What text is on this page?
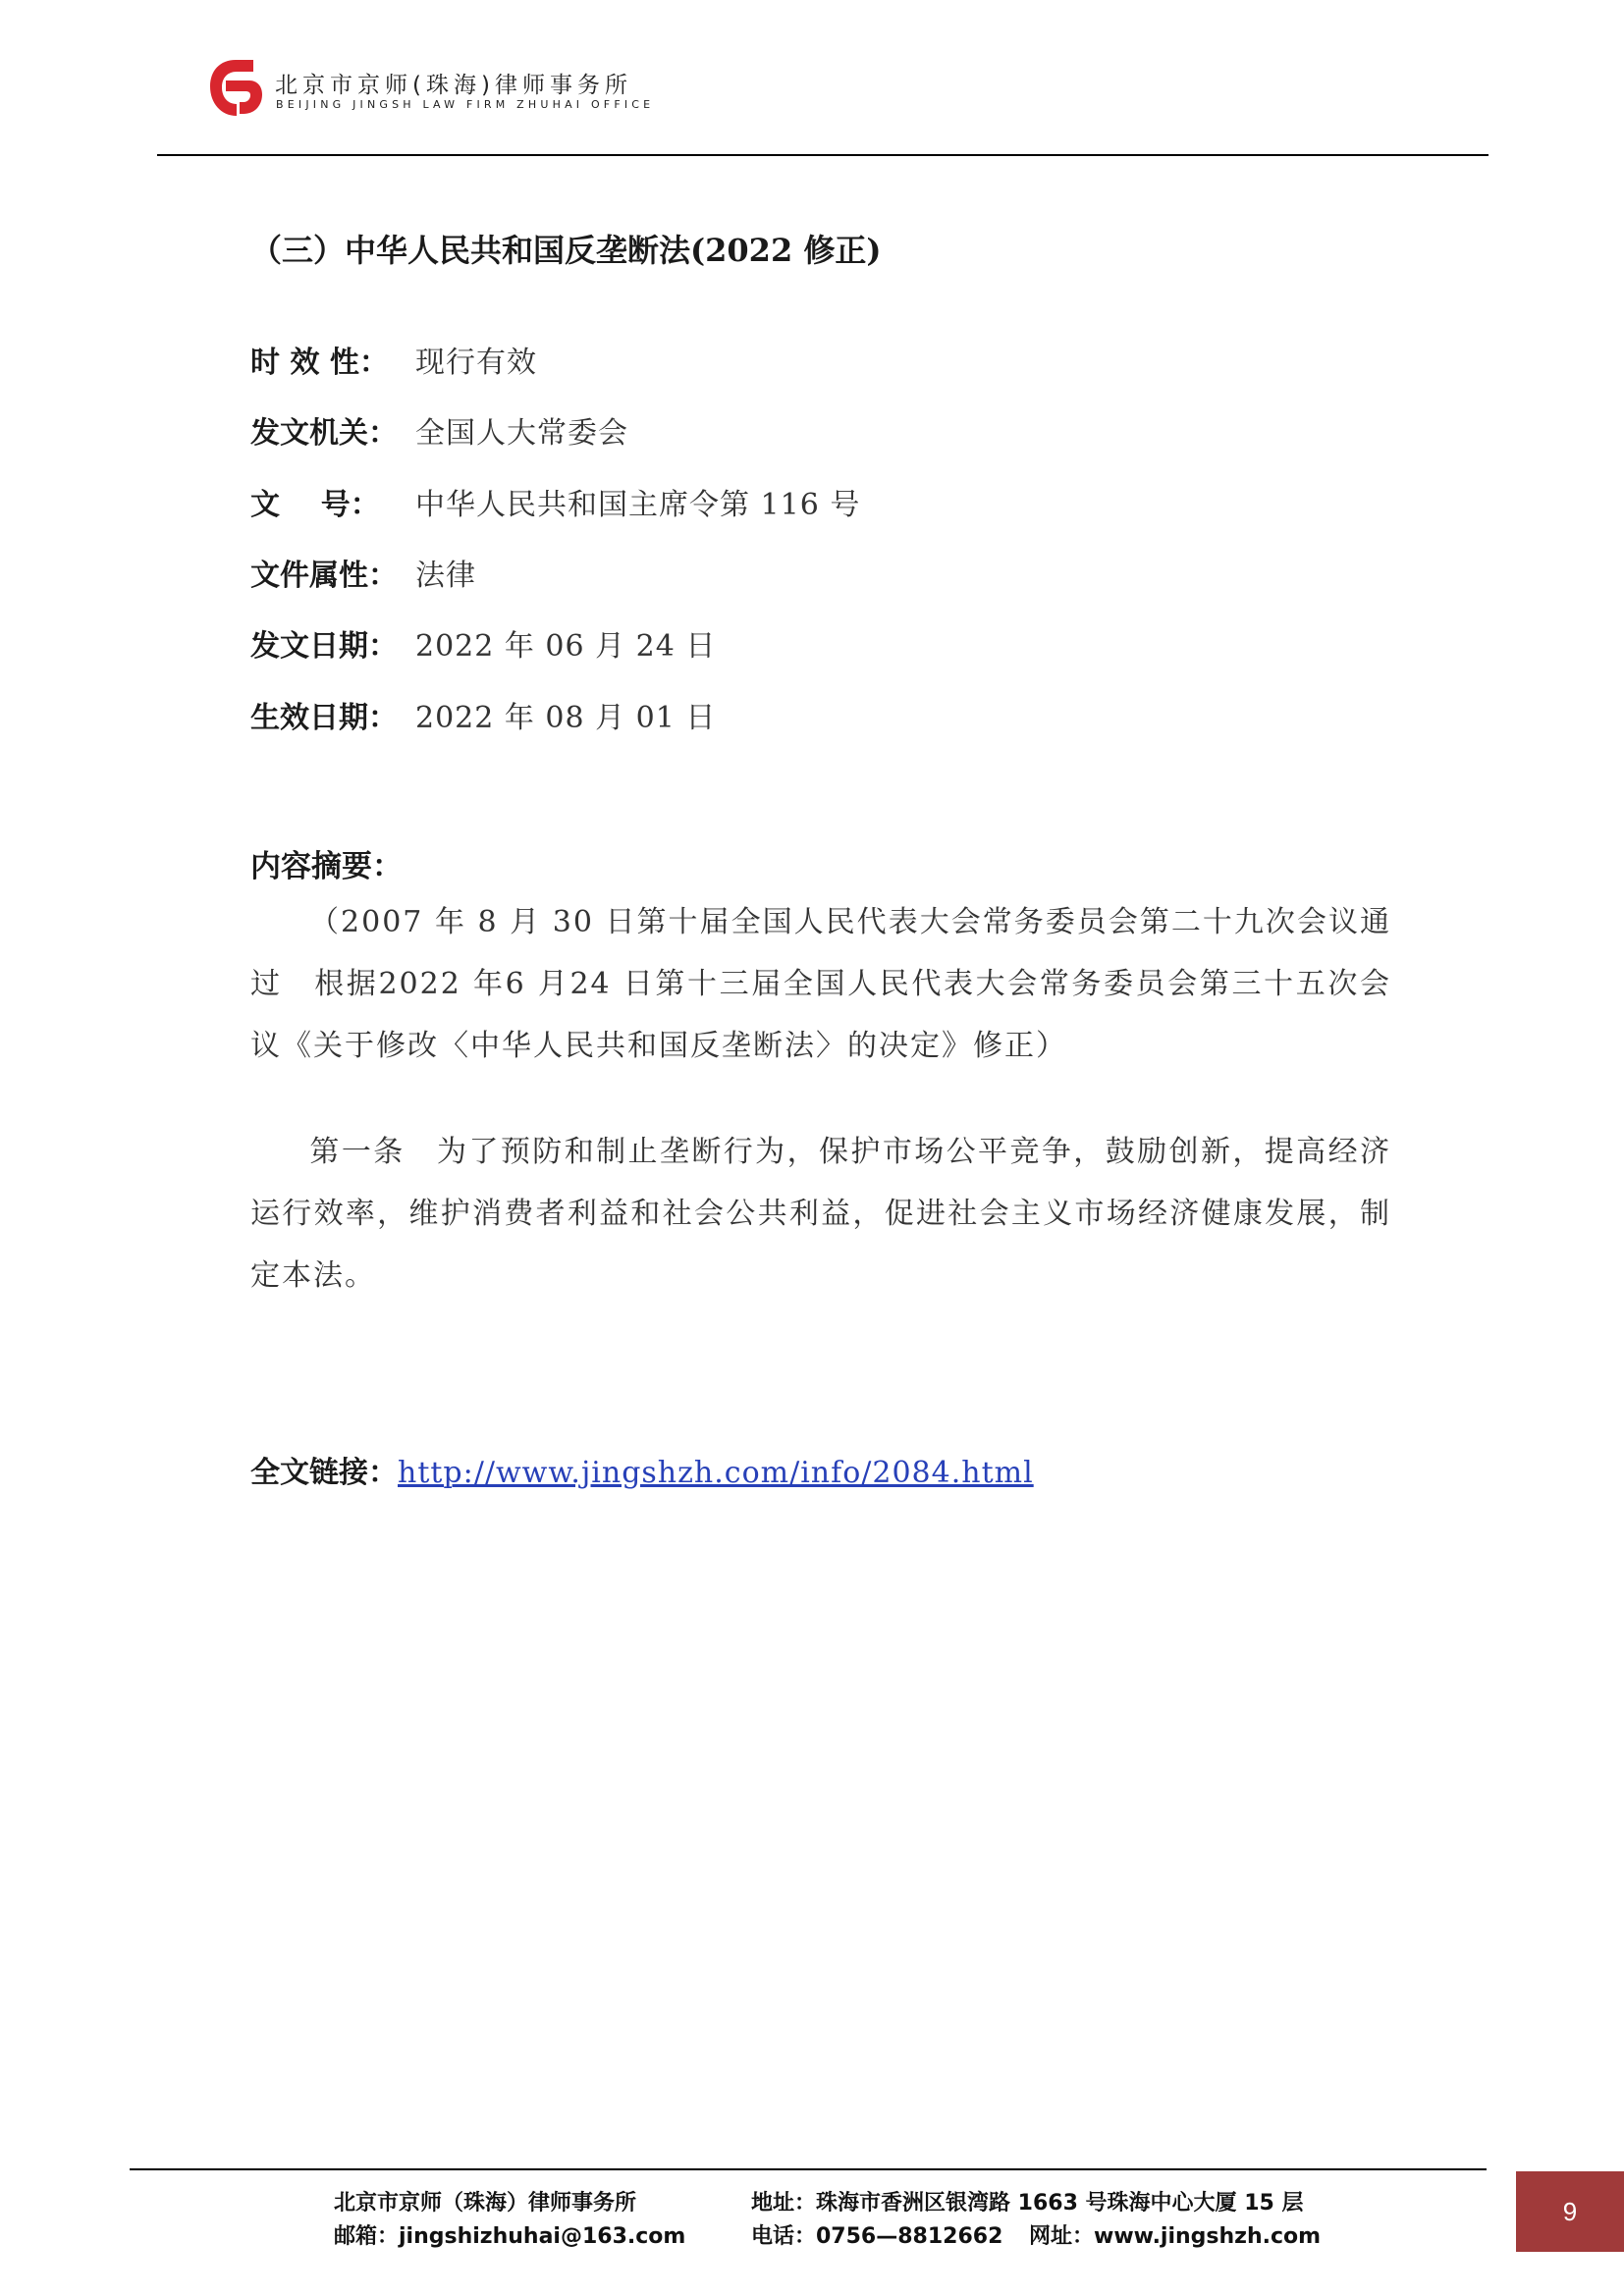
北京市京师(珠海)律师事务所
BEIJING JINGSH LAW FIRM ZHUHAI OFFICE
（三）中华人民共和国反垄断法(2022 修正)
时 效 性： 现行有效
发文机关： 全国人大常委会
文    号： 中华人民共和国主席令第 116 号
文件属性： 法律
发文日期： 2022 年 06 月 24 日
生效日期： 2022 年 08 月 01 日
内容摘要：
（2007 年 8 月 30 日第十届全国人民代表大会常务委员会第二十九次会议通过　根据2022 年6 月24 日第十三届全国人民代表大会常务委员会第三十五次会议《关于修改〈中华人民共和国反垄断法〉的决定》修正）
第一条　为了预防和制止垄断行为，保护市场公平竞争，鼓励创新，提高经济运行效率，维护消费者利益和社会公共利益，促进社会主义市场经济健康发展，制定本法。
全文链接：http://www.jingshzh.com/info/2084.html
北京市京师（珠海）律师事务所
邮箱：jingshizhuhai@163.com
地址：珠海市香洲区银湾路 1663 号珠海中心大厦 15 层
电话：0756—8812662 网址：www.jingshzh.com
9
